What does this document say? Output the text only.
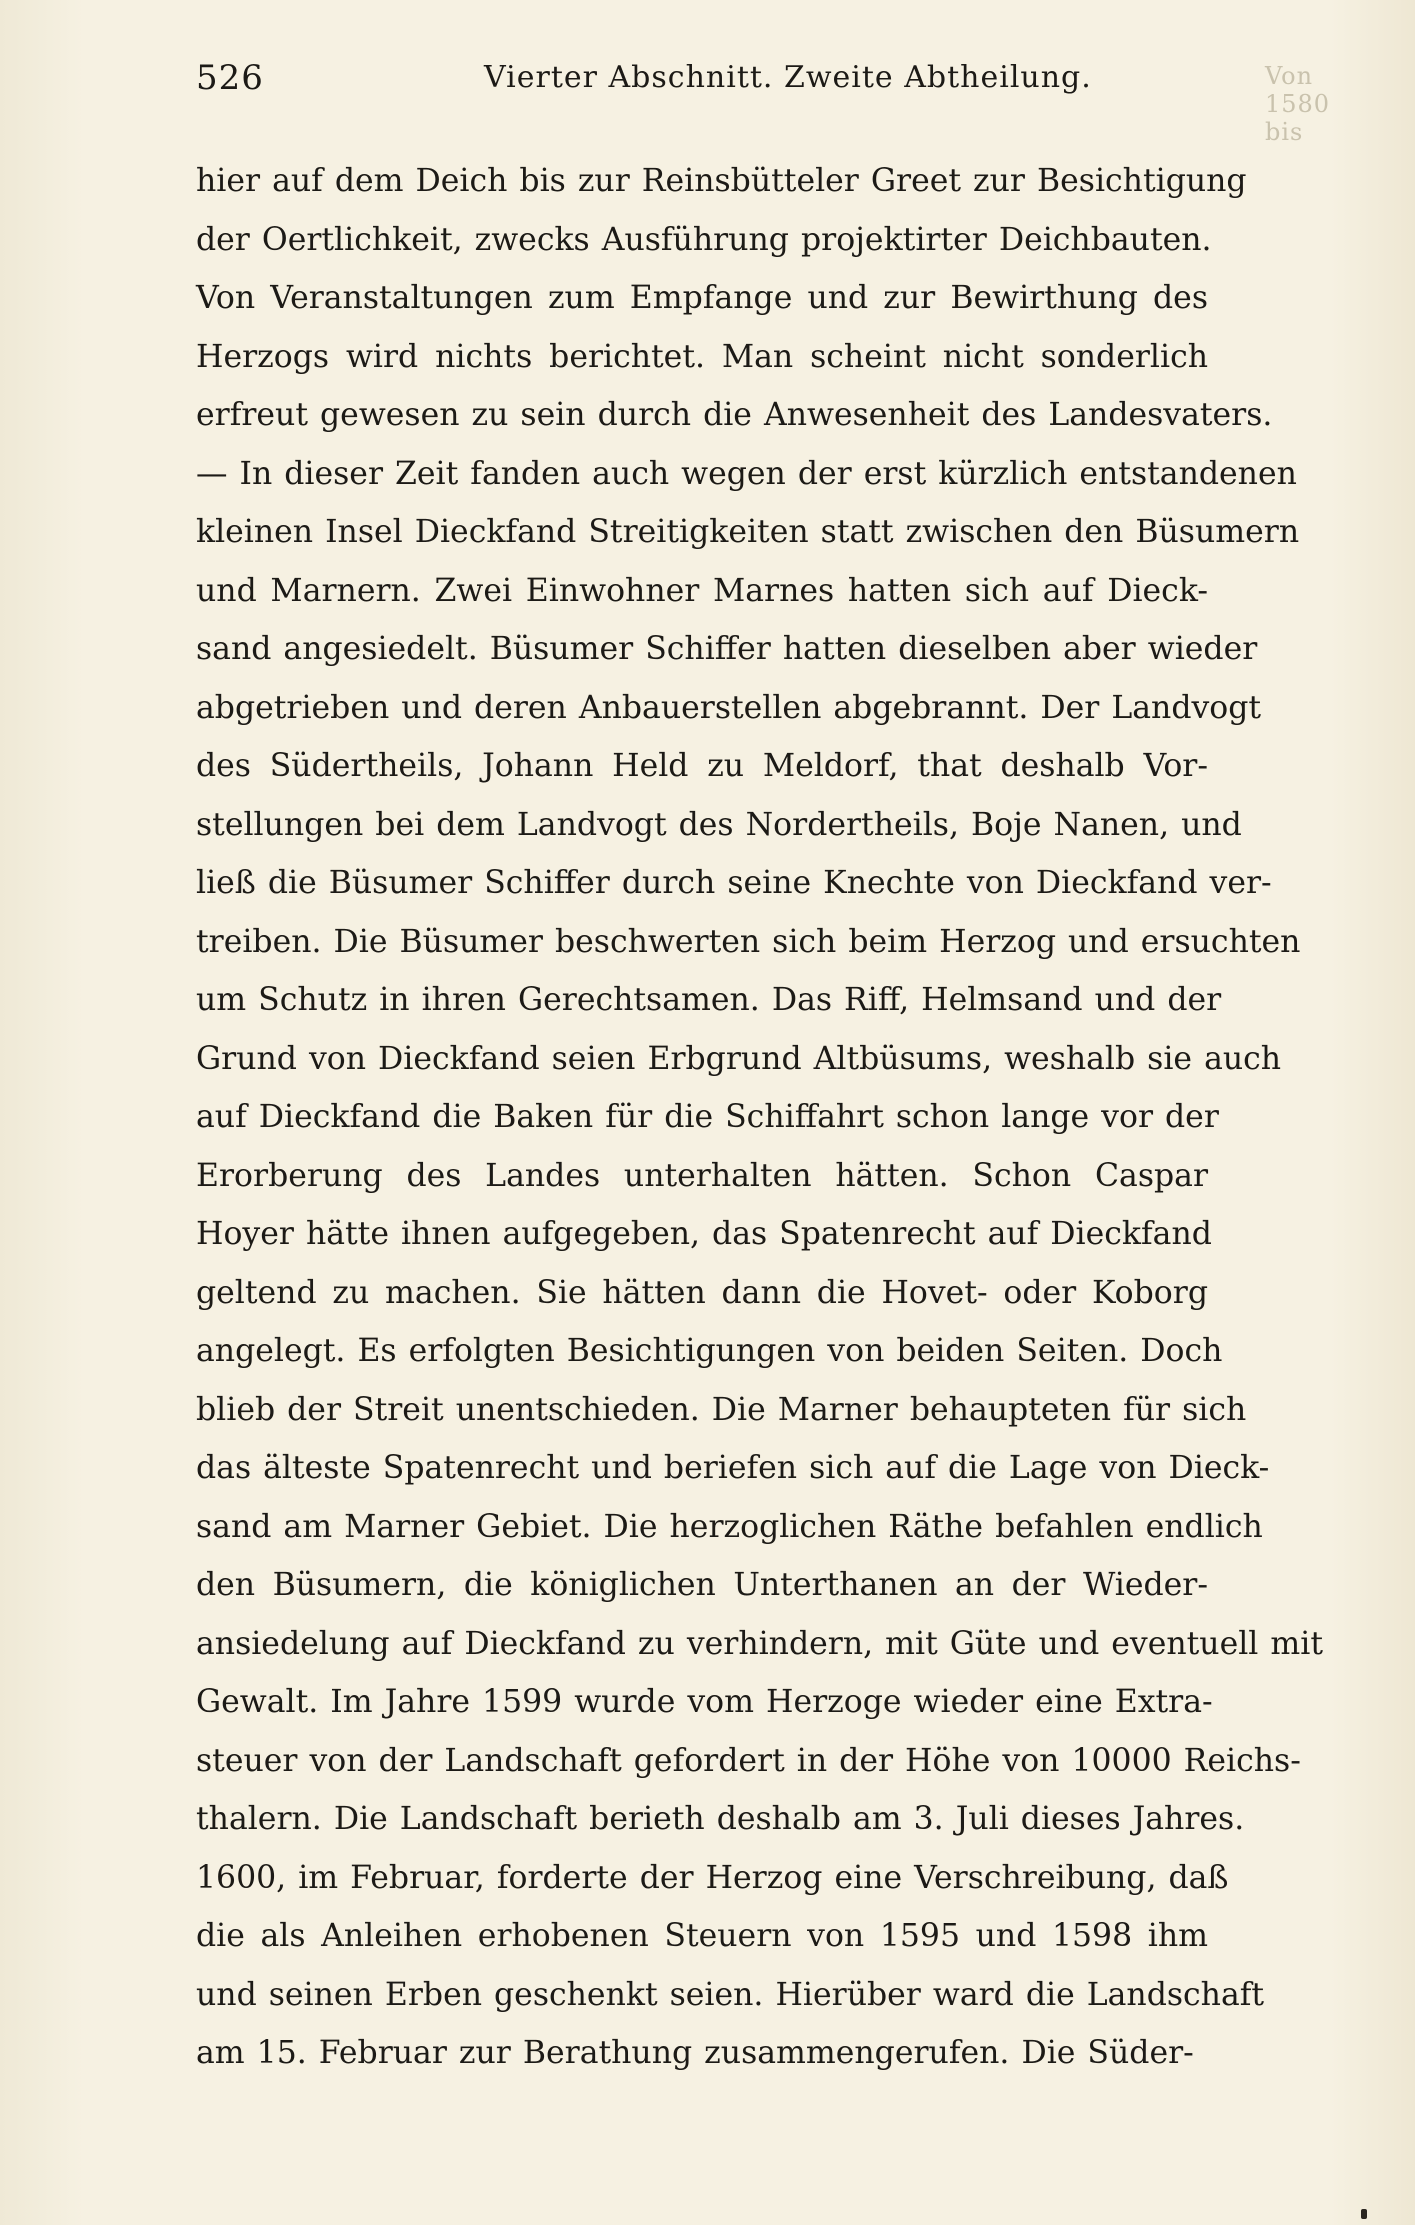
Von 1580 bis
526	Vierter Abschnitt. Zweite Abtheilung.
hier auf dem Deich bis zur Reinsbütteler Greet zur Besichtigung
der Oertlichkeit, zwecks Ausführung projektirter Deichbauten.
Von Veranstaltungen zum Empfange und zur Bewirthung des
Herzogs wird nichts berichtet. Man scheint nicht sonderlich
erfreut gewesen zu sein durch die Anwesenheit des Landesvaters.
— In dieser Zeit fanden auch wegen der erst kürzlich entstandenen
kleinen Insel Dieckfand Streitigkeiten statt zwischen den Büsumern
und Marnern. Zwei Einwohner Marnes hatten sich auf Dieck-
sand angesiedelt. Büsumer Schiffer hatten dieselben aber wieder
abgetrieben und deren Anbauerstellen abgebrannt. Der Landvogt
des Südertheils, Johann Held zu Meldorf, that deshalb Vor-
stellungen bei dem Landvogt des Nordertheils, Boje Nanen, und
ließ die Büsumer Schiffer durch seine Knechte von Dieckfand ver-
treiben. Die Büsumer beschwerten sich beim Herzog und ersuchten
um Schutz in ihren Gerechtsamen. Das Riff, Helmsand und der
Grund von Dieckfand seien Erbgrund Altbüsums, weshalb sie auch
auf Dieckfand die Baken für die Schiffahrt schon lange vor der
Erorberung des Landes unterhalten hätten. Schon Caspar
Hoyer hätte ihnen aufgegeben, das Spatenrecht auf Dieckfand
geltend zu machen. Sie hätten dann die Hovet- oder Koborg
angelegt. Es erfolgten Besichtigungen von beiden Seiten. Doch
blieb der Streit unentschieden. Die Marner behaupteten für sich
das älteste Spatenrecht und beriefen sich auf die Lage von Dieck-
sand am Marner Gebiet. Die herzoglichen Räthe befahlen endlich
den Büsumern, die königlichen Unterthanen an der Wieder-
ansiedelung auf Dieckfand zu verhindern, mit Güte und eventuell mit
Gewalt. Im Jahre 1599 wurde vom Herzoge wieder eine Extra-
steuer von der Landschaft gefordert in der Höhe von 10000 Reichs-
thalern. Die Landschaft berieth deshalb am 3. Juli dieses Jahres.
1600, im Februar, forderte der Herzog eine Verschreibung, daß
die als Anleihen erhobenen Steuern von 1595 und 1598 ihm
und seinen Erben geschenkt seien. Hierüber ward die Landschaft
am 15. Februar zur Berathung zusammengerufen. Die Süder-
